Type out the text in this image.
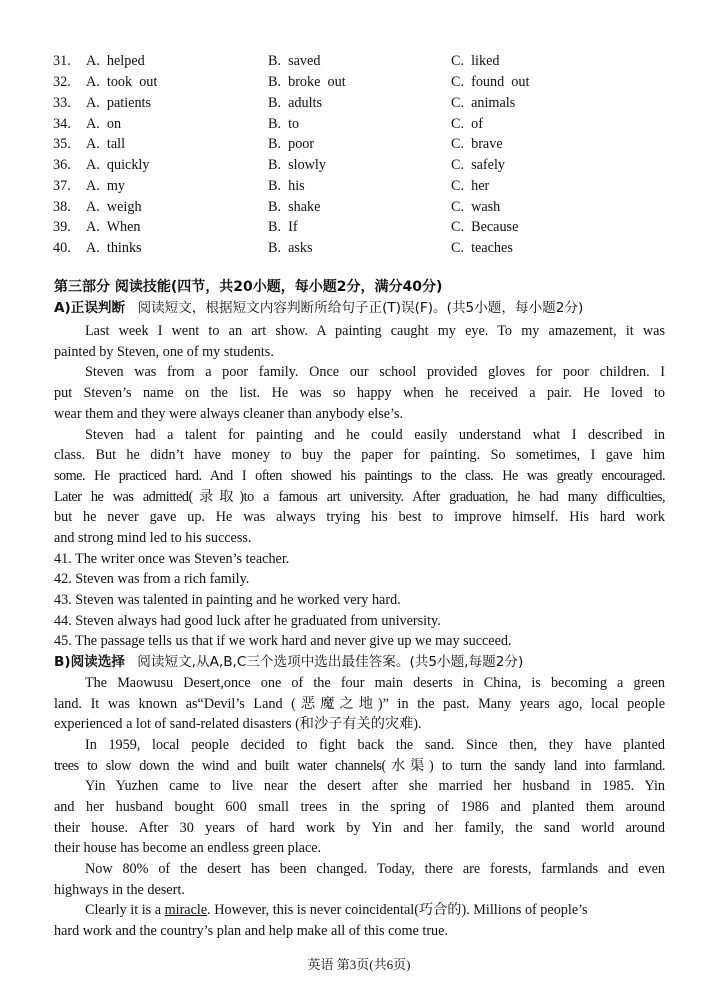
31. A.  helped	B.  saved	C.  liked
32. A.  took  out	B.  broke  out	C.  found  out
33. A.  patients	B.  adults	C.  animals
34. A.  on	B.  to	C.  of
35. A.  tall	B.  poor	C.  brave
36. A.  quickly	B.  slowly	C.  safely
37. A.  my	B.  his	C.  her
38. A.  weigh	B.  shake	C.  wash
39. A.  When	B.  If	C.  Because
40. A.  thinks	B.  asks	C.  teaches
第三部分 阅读技能(四节，共20小题，每小题2分，满分40分)
A)正误判断 阅读短文，根据短文内容判断所给句子正(T)误(F)。(共5小题，每小题2分)
Last week I went to an art show. A painting caught my eye. To my amazement, it was
painted by Steven, one of my students.
Steven was from a poor family. Once our school provided gloves for poor children. I
put Steven’s name on the list. He was so happy when he received a pair. He loved to
wear them and they were always cleaner than anybody else’s.
Steven had a talent for painting and he could easily understand what I described in
class. But he didn’t have money to buy the paper for painting. So sometimes, I gave him
some. He practiced hard. And I often showed his paintings to the class. He was greatly encouraged.
Later he was admitted(录取)to a famous art university. After graduation, he had many difficulties,
but he never gave up. He was always trying his best to improve himself. His hard work
and strong mind led to his success.
41. The writer once was Steven’s teacher.
42. Steven was from a rich family.
43. Steven was talented in painting and he worked very hard.
44. Steven always had good luck after he graduated from university.
45. The passage tells us that if we work hard and never give up we may succeed.
B)阅读选择 阅读短文,从A,B,C三个选项中选出最佳答案。(共5小题,每题2分)
The Maowusu Desert,once one of the four main deserts in China, is becoming a green
land. It was known as“Devil’s Land (恶魔之地)” in the past. Many years ago, local people
experienced a lot of sand-related disasters (和沙子有关的灾难).
In 1959, local people decided to fight back the sand. Since then, they have planted
trees to slow down the wind and built water channels(水渠) to turn the sandy land into farmland.
Yin Yuzhen came to live near the desert after she married her husband in 1985. Yin
and her husband bought 600 small trees in the spring of 1986 and planted them around
their house. After 30 years of hard work by Yin and her family, the sand world around
their house has become an endless green place.
Now 80% of the desert has been changed. Today, there are forests, farmlands and even
highways in the desert.
Clearly it is a miracle. However, this is never coincidental(巧合的). Millions of people’s
hard work and the country’s plan and help make all of this come true.
英语 第3页(共6页)
